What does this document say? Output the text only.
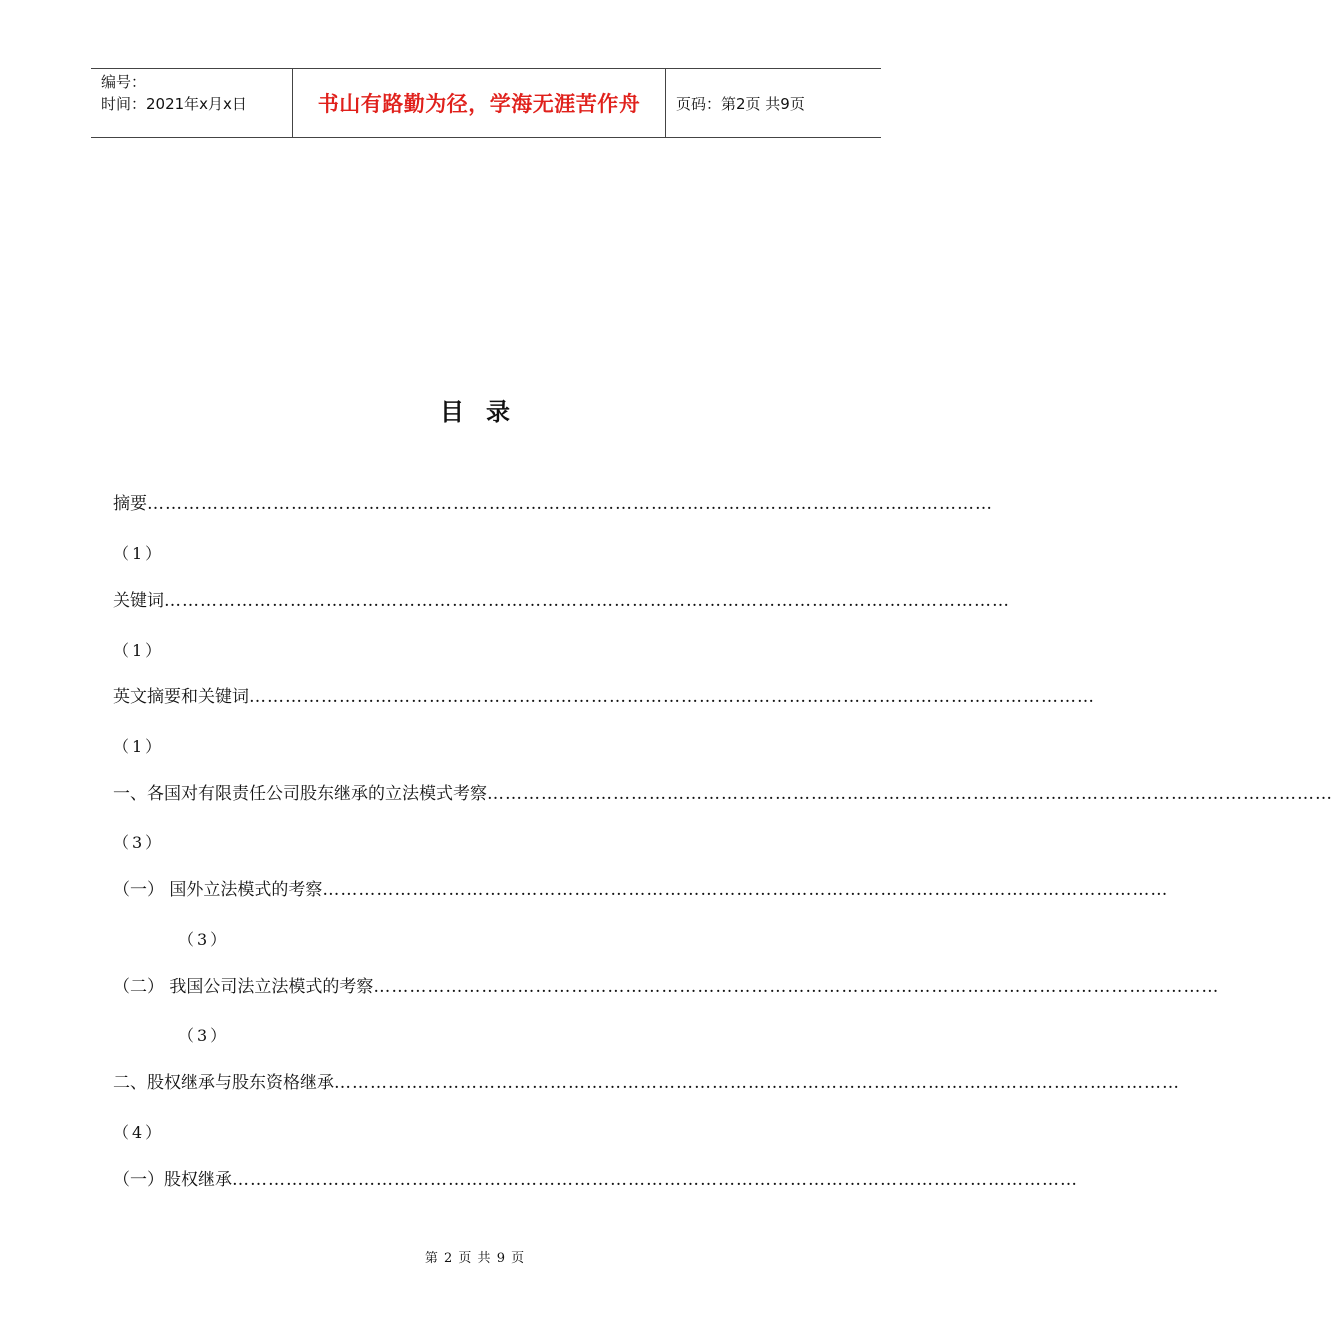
编号：
时间：2021年x月x日	书山有路勤为径，学海无涯苦作舟	页码：第2页 共9页
目录
摘要 ……………………………………………………………………………………………………………………………
（1）
关键词 ……………………………………………………………………………………………………………………………
（1）
英文摘要和关键词 ……………………………………………………………………………………………………………………………
（1）
一、各国对有限责任公司股东继承的立法模式考察 ……………………………………………………………………………………………………………………………
（3）
（一） 国外立法模式的考察 ……………………………………………………………………………………………………………………………
（3）
（二） 我国公司法立法模式的考察 ……………………………………………………………………………………………………………………………
（3）
二、股权继承与股东资格继承 ……………………………………………………………………………………………………………………………
（4）
（一）股权继承 ……………………………………………………………………………………………………………………………
第 2 页 共 9 页
